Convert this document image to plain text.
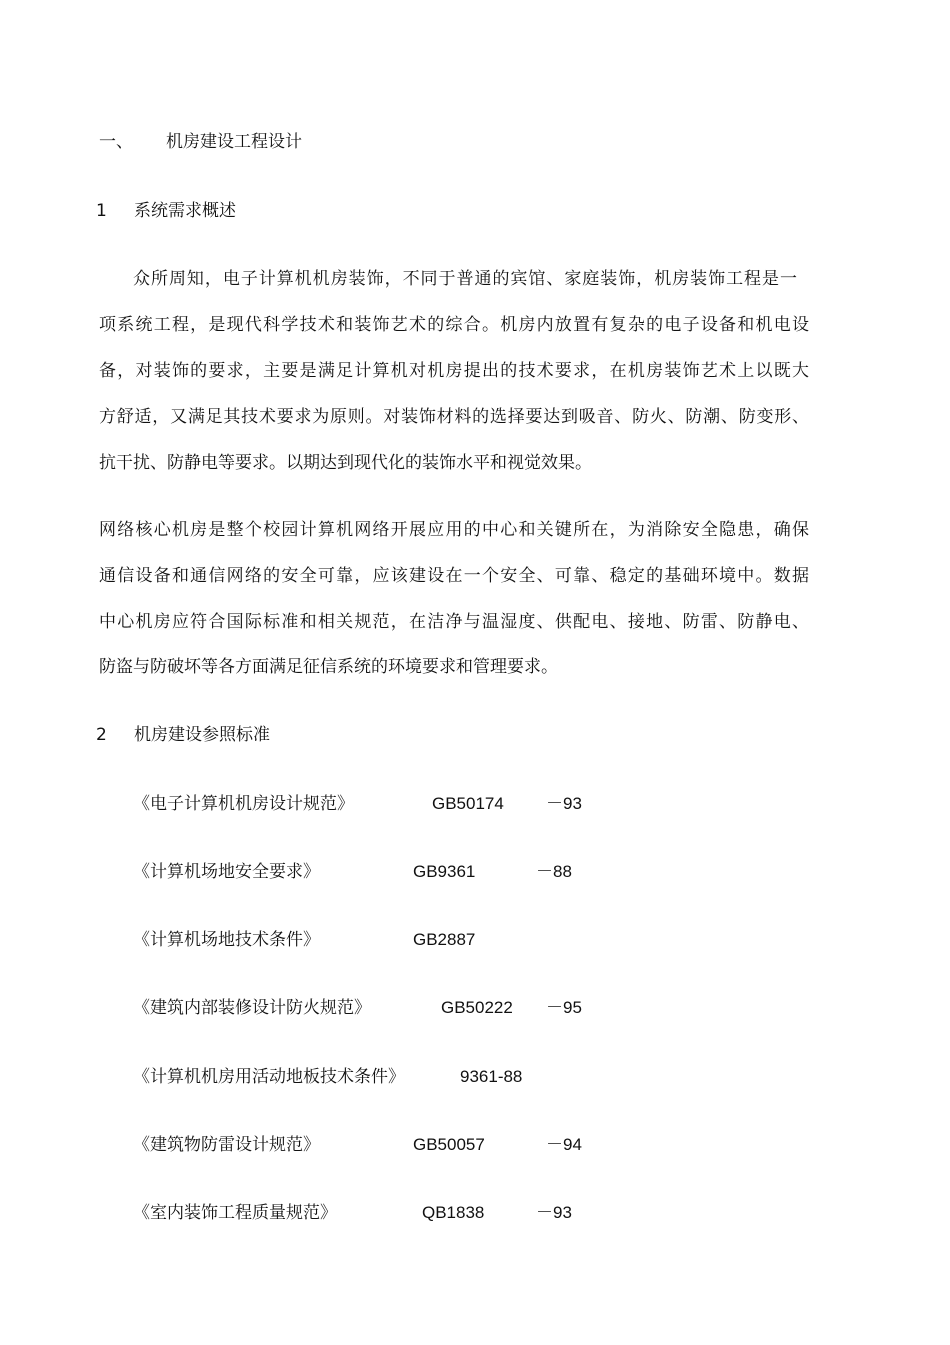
一、 机房建设工程设计
1 系统需求概述
众所周知，电子计算机机房装饰，不同于普通的宾馆、家庭装饰，机房装饰工程是一
项系统工程，是现代科学技术和装饰艺术的综合。机房内放置有复杂的电子设备和机电设
备，对装饰的要求，主要是满足计算机对机房提出的技术要求，在机房装饰艺术上以既大
方舒适，又满足其技术要求为原则。对装饰材料的选择要达到吸音、防火、防潮、防变形、
抗干扰、防静电等要求。以期达到现代化的装饰水平和视觉效果。
网络核心机房是整个校园计算机网络开展应用的中心和关键所在，为消除安全隐患，确保
通信设备和通信网络的安全可靠，应该建设在一个安全、可靠、稳定的基础环境中。数据
中心机房应符合国际标准和相关规范，在洁净与温湿度、供配电、接地、防雷、防静电、
防盗与防破坏等各方面满足征信系统的环境要求和管理要求。
2 机房建设参照标准
《电子计算机机房设计规范》	GB50174 －93
《计算机场地安全要求》	GB9361	－88
《计算机场地技术条件》	GB2887
《建筑内部装修设计防火规范》	GB50222 －95
《计算机机房用活动地板技术条件》	9361-88
《建筑物防雷设计规范》	GB50057	－94
《室内装饰工程质量规范》	QB1838	－93
